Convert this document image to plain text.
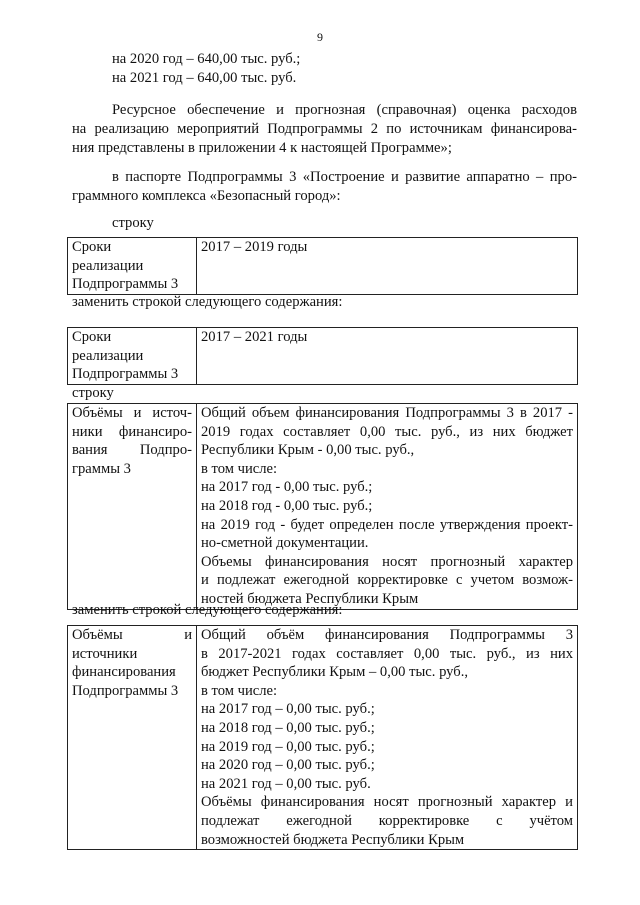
9
на 2020 год – 640,00 тыс. руб.;
на 2021 год – 640,00 тыс. руб.
Ресурсное обеспечение и прогнозная (справочная) оценка расходов
на реализацию мероприятий Подпрограммы 2 по источникам финансирова-
ния представлены в приложении 4 к настоящей Программе»;
в паспорте Подпрограммы 3 «Построение и развитие аппаратно – про-
граммного комплекса «Безопасный город»:
строку
Сроки
реализации
Подпрограммы 3

2017 – 2019 годы
заменить строкой следующего содержания:
Сроки
реализации
Подпрограммы 3

2017 – 2021 годы
строку
Объёмы и источ-
ники финансиро-
вания Подпро-
граммы 3

Общий объем финансирования Подпрограммы 3 в 2017 -
2019 годах составляет 0,00 тыс. руб., из них бюджет
Республики Крым - 0,00 тыс. руб.,
в том числе:
на 2017 год - 0,00 тыс. руб.;
на 2018 год - 0,00 тыс. руб.;
на 2019 год - будет определен после утверждения проект-
но-сметной документации.
Объемы финансирования носят прогнозный характер
и подлежат ежегодной корректировке с учетом возмож-
ностей бюджета Республики Крым
заменить строкой следующего содержания:
Объёмы и
источники
финансирования
Подпрограммы 3

Общий объём финансирования Подпрограммы 3
в 2017-2021 годах составляет 0,00 тыс. руб., из них
бюджет Республики Крым – 0,00 тыс. руб.,
в том числе:
на 2017 год – 0,00 тыс. руб.;
на 2018 год – 0,00 тыс. руб.;
на 2019 год – 0,00 тыс. руб.;
на 2020 год – 0,00 тыс. руб.;
на 2021 год – 0,00 тыс. руб.
Объёмы финансирования носят прогнозный характер и
подлежат ежегодной корректировке с учётом
возможностей бюджета Республики Крым
